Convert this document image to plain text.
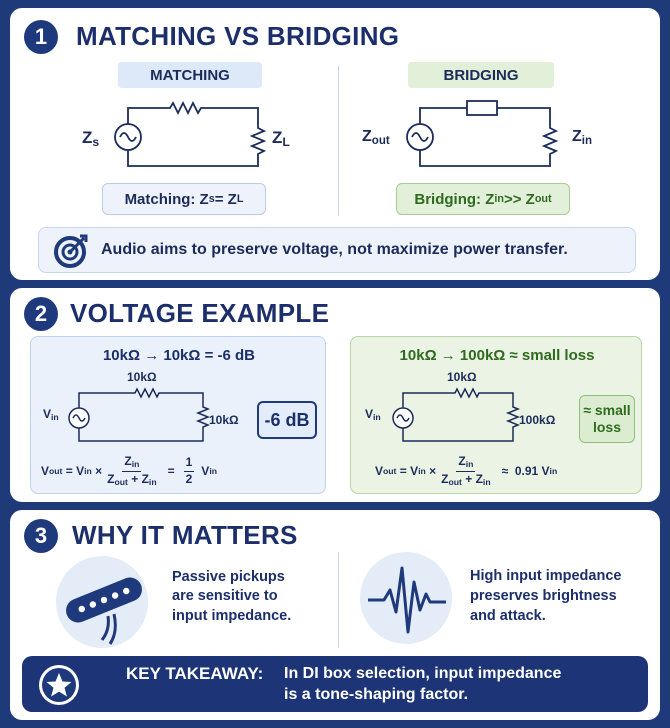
1	MATCHING VS BRIDGING
MATCHING
$Z_s$	$Z_L$
Matching: Z s = Z L
BRIDGING
$Z_{out}$	$Z_{in}$
Bridging: Z in >> Z out
Audio aims to preserve voltage, not maximize power transfer.
2 VOLTAGE EXAMPLE
10kΩ → 10kΩ = -6 dB
10kΩ
$V_{in}$	10kΩ	-6 dB
V out = V in × $\frac{Z_{in}}{Z_{out} + Z_{in}} = \frac{1}{2}$ V in
10kΩ → 100kΩ ≈ small loss
10kΩ
$V_{in}$	100kΩ
≈ small
loss
V out = V in × $\frac{Z_{in}}{Z_{out} + Z_{in}} \approx 0.91$ V in
3 WHY IT MATTERS
Passive pickups
are sensitive to
input impedance.
High input impedance
preserves brightness
and attack.
KEY TAKEAWAY: In DI box selection, input impedance
is a tone-shaping factor.
